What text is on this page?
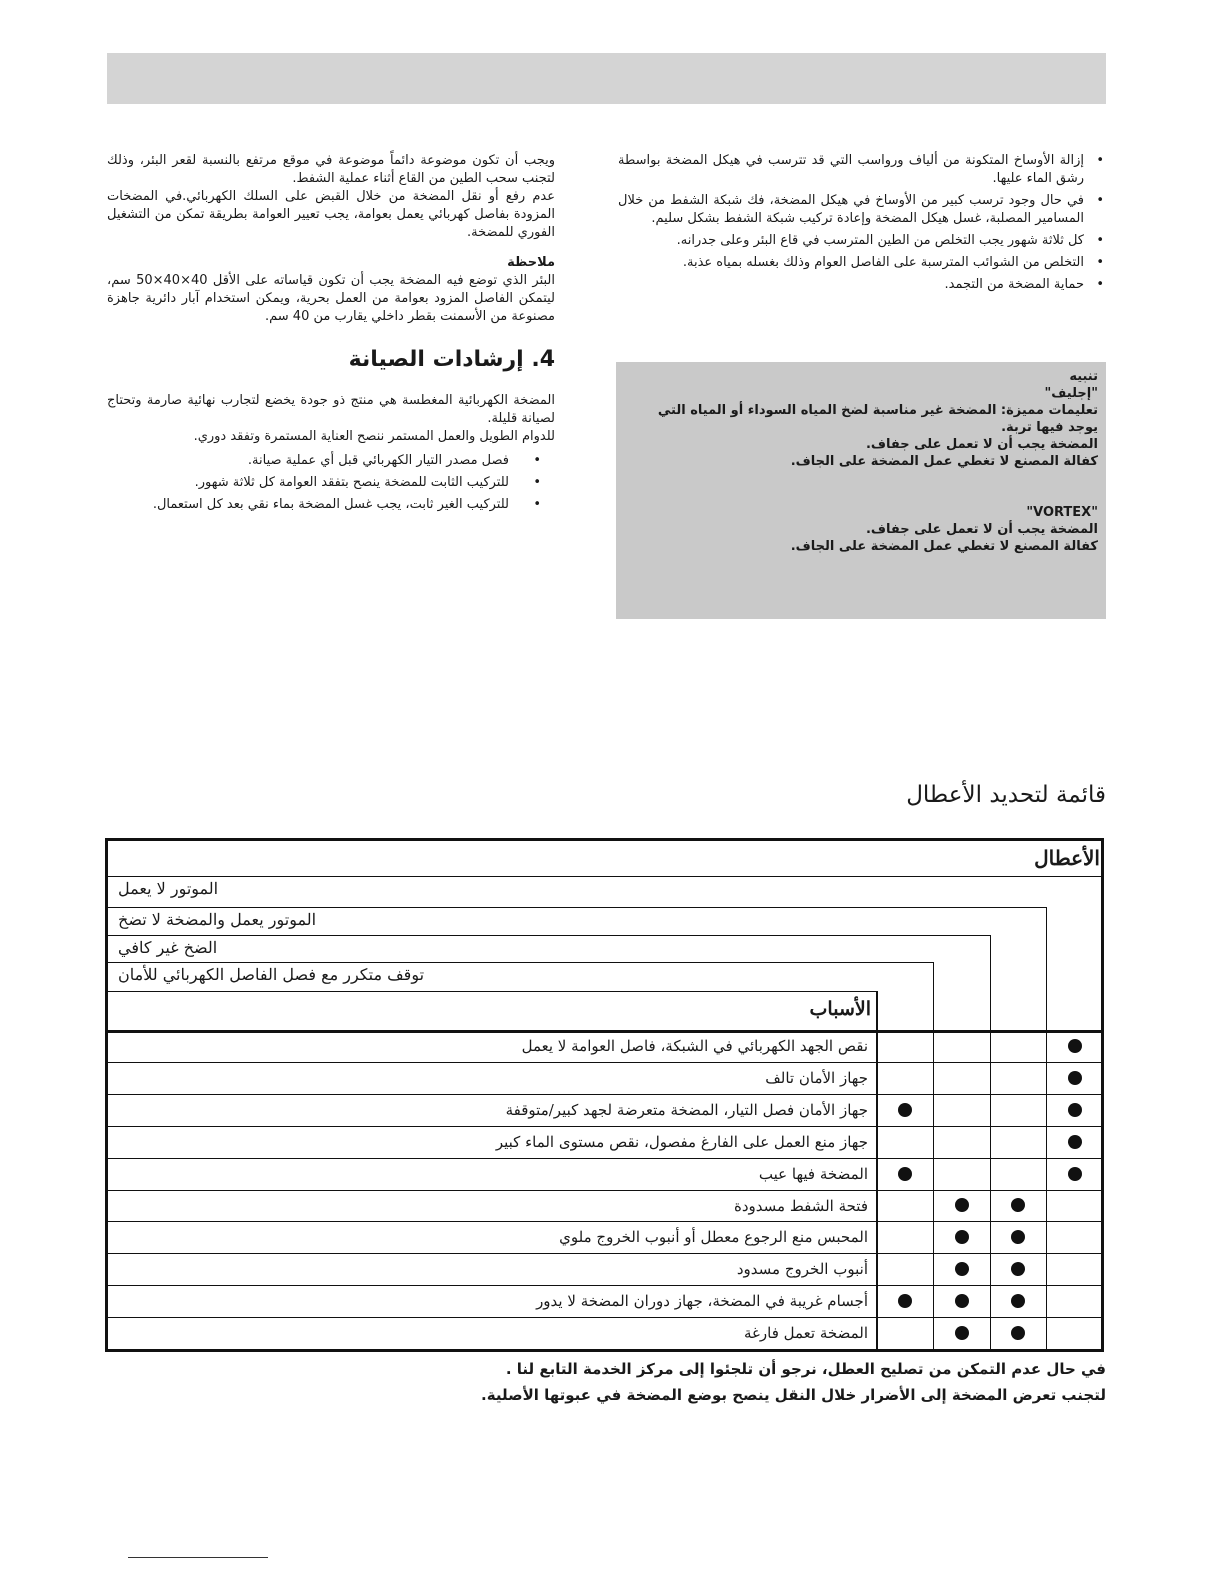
ويجب أن تكون موضوعة دائماً موضوعة في موقع مرتفع بالنسبة لقعر البئر، وذلك لتجنب سحب الطين من القاع أثناء عملية الشفط.

عدم رفع أو نقل المضخة من خلال القبض على السلك الكهربائي.في المضخات المزودة بفاصل كهربائي يعمل بعوامة، يجب تعيير العوامة بطريقة تمكن من التشغيل الفوري للمضخة.

ملاحظة

البئر الذي توضع فيه المضخة يجب أن تكون قياساته على الأقل 40×40×50 سم، ليتمكن الفاصل المزود بعوامة من العمل بحرية، ويمكن استخدام آبار دائرية جاهزة مصنوعة من الأسمنت بقطر داخلي يقارب من 40 سم.

4. إرشادات الصيانة

المضخة الكهربائية المغطسة هي منتج ذو جودة يخضع لتجارب نهائية صارمة وتحتاج لصيانة قليلة.

للدوام الطويل والعمل المستمر ننصح العناية المستمرة وتفقد دوري.

• فصل مصدر التيار الكهربائي قبل أي عملية صيانة.
• للتركيب الثابت للمضخة ينصح بتفقد العوامة كل ثلاثة شهور.
• للتركيب الغير ثابت، يجب غسل المضخة بماء نقي بعد كل استعمال.
• إزالة الأوساخ المتكونة من ألياف ورواسب التي قد تترسب في هيكل المضخة بواسطة رشق الماء عليها.
• في حال وجود ترسب كبير من الأوساخ في هيكل المضخة، فك شبكة الشفط من خلال المسامير المصلبة، غسل هيكل المضخة وإعادة تركيب شبكة الشفط بشكل سليم.
• كل ثلاثة شهور يجب التخلص من الطين المترسب في قاع البئر وعلى جدرانه.
• التخلص من الشوائب المترسبة على الفاصل العوام وذلك بغسله بمياه عذبة.
• حماية المضخة من التجمد.

تنبيه

"إجليف"

تعليمات مميزة: المضخة غير مناسبة لضخ المياه السوداء أو المياه التي يوجد فيها تربة.

المضخة يجب أن لا تعمل على جفاف.

كفالة المصنع لا تغطي عمل المضخة على الجاف.

"VORTEX"

المضخة يجب أن لا تعمل على جفاف.

كفالة المصنع لا تغطي عمل المضخة على الجاف.

قائمة لتحديد الأعطال
الأعطال
الموتور لا يعمل
الموتور يعمل والمضخة لا تضخ
الضخ غير كافي
توقف متكرر مع فصل الفاصل الكهربائي للأمان
الأسباب
نقص الجهد الكهربائي في الشبكة، فاصل العوامة لا يعمل
جهاز الأمان تالف
جهاز الأمان فصل التيار، المضخة متعرضة لجهد كبير/متوقفة
جهاز منع العمل على الفارغ مفصول، نقص مستوى الماء كبير
المضخة فيها عيب
فتحة الشفط مسدودة
المحبس منع الرجوع معطل أو أنبوب الخروج ملوي
أنبوب الخروج مسدود
أجسام غريبة في المضخة، جهاز دوران المضخة لا يدور
المضخة تعمل فارغة
في حال عدم التمكن من تصليح العطل، نرجو أن تلجئوا إلى مركز الخدمة التابع لنا .
لتجنب تعرض المضخة إلى الأضرار خلال النقل ينصح بوضع المضخة في عبوتها الأصلية.
